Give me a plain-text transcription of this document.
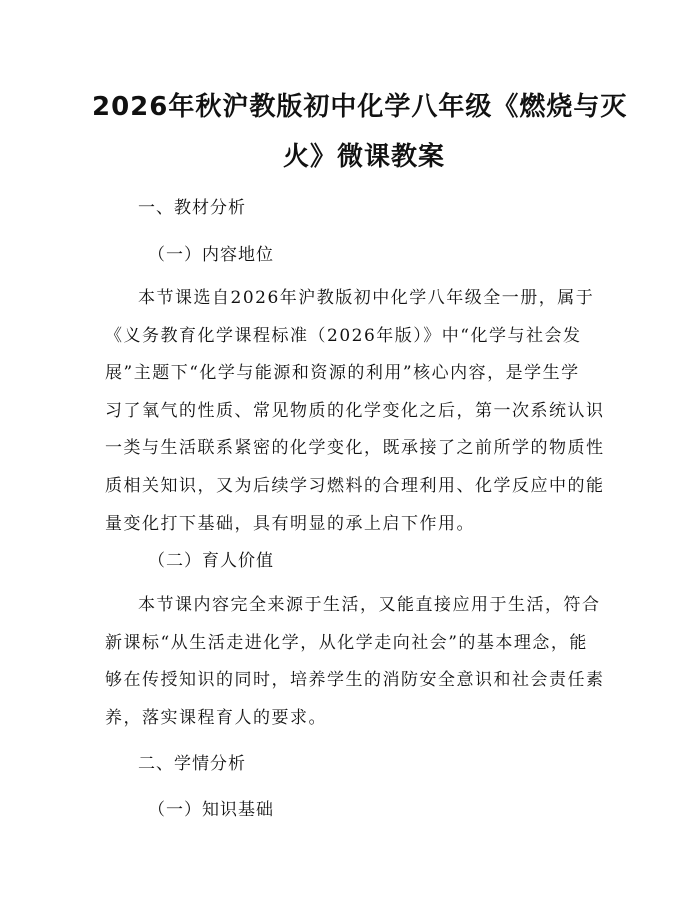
2026年秋沪教版初中化学八年级《燃烧与灭
火》微课教案
一、教材分析
（一）内容地位
本节课选自2026年沪教版初中化学八年级全一册，属于
《义务教育化学课程标准（2026年版）》中“化学与社会发
展”主题下“化学与能源和资源的利用”核心内容，是学生学
习了氧气的性质、常见物质的化学变化之后，第一次系统认识
一类与生活联系紧密的化学变化，既承接了之前所学的物质性
质相关知识，又为后续学习燃料的合理利用、化学反应中的能
量变化打下基础，具有明显的承上启下作用。
（二）育人价值
本节课内容完全来源于生活，又能直接应用于生活，符合
新课标“从生活走进化学，从化学走向社会”的基本理念，能
够在传授知识的同时，培养学生的消防安全意识和社会责任素
养，落实课程育人的要求。
二、学情分析
（一）知识基础
